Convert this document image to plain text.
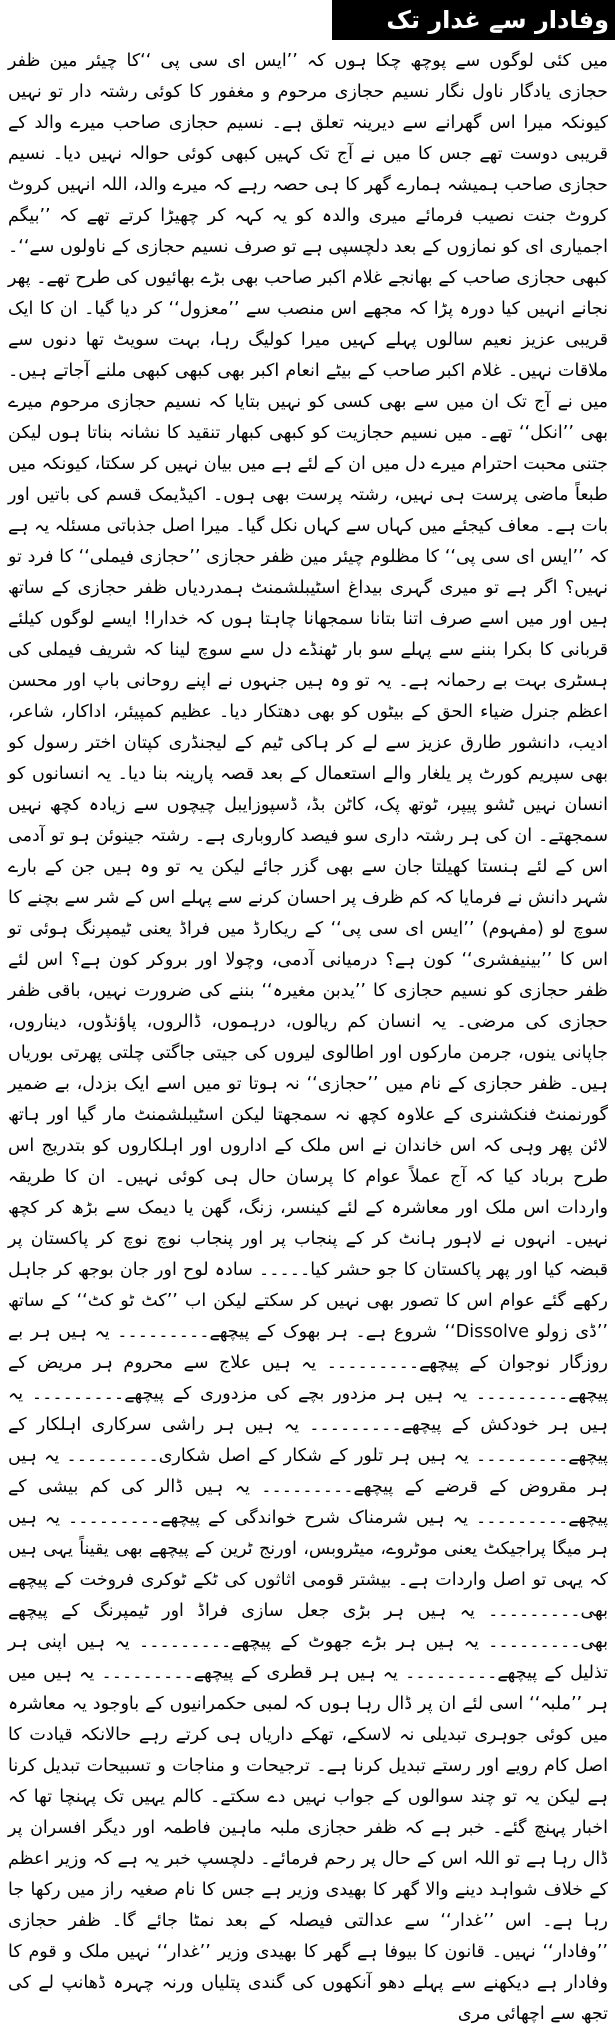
وفادار سے غدار تک

میں کئی لوگوں سے پوچھ چکا ہوں کہ ’’ایس ای سی پی ‘‘کا چیئر مین ظفر حجازی یادگار ناول نگار نسیم حجازی مرحوم و مغفور کا کوئی رشتہ دار تو نہیں کیونکہ میرا اس گھرانے سے دیرینہ تعلق ہے۔ نسیم حجازی صاحب میرے والد کے قریبی دوست تھے جس کا میں نے آج تک کہیں کبھی کوئی حوالہ نہیں دیا۔ نسیم حجازی صاحب ہمیشہ ہمارے گھر کا ہی حصہ رہے کہ میرے والد، اللہ انہیں کروٹ کروٹ جنت نصیب فرمائے میری والدہ کو یہ کہہ کر چھیڑا کرتے تھے کہ ’’بیگم اجمیاری ای کو نمازوں کے بعد دلچسپی ہے تو صرف نسیم حجازی کے ناولوں سے‘‘۔ کبھی حجازی صاحب کے بھانجے غلام اکبر صاحب بھی بڑے بھائیوں کی طرح تھے۔ پھر نجانے انہیں کیا دورہ پڑا کہ مجھے اس منصب سے ’’معزول‘‘ کر دیا گیا۔ ان کا ایک قریبی عزیز نعیم سالوں پہلے کہیں میرا کولیگ رہا، بہت سویٹ تھا دنوں سے ملاقات نہیں۔ غلام اکبر صاحب کے بیٹے انعام اکبر بھی کبھی کبھی ملنے آجاتے ہیں۔ میں نے آج تک ان میں سے بھی کسی کو نہیں بتایا کہ نسیم حجازی مرحوم میرے بھی ’’انکل‘‘ تھے۔ میں نسیم حجازیت کو کبھی کبھار تنقید کا نشانہ بناتا ہوں لیکن جتنی محبت احترام میرے دل میں ان کے لئے ہے میں بیان نہیں کر سکتا، کیونکہ میں طبعاً ماضی پرست ہی نہیں، رشتہ پرست بھی ہوں۔ اکیڈیمک قسم کی باتیں اور بات ہے۔ معاف کیجئے میں کہاں سے کہاں نکل گیا۔ میرا اصل جذباتی مسئلہ یہ ہے کہ ’’ایس ای سی پی‘‘ کا مظلوم چیئر مین ظفر حجازی ’’حجازی فیملی‘‘ کا فرد تو نہیں؟ اگر ہے تو میری گہری بیداغ اسٹیبلشمنٹ ہمدردیاں ظفر حجازی کے ساتھ ہیں اور میں اسے صرف اتنا بتانا سمجھانا چاہتا ہوں کہ خدارا! ایسے لوگوں کیلئے قربانی کا بکرا بننے سے پہلے سو بار ٹھنڈے دل سے سوچ لینا کہ شریف فیملی کی ہسٹری بہت بے رحمانہ ہے۔ یہ تو وہ ہیں جنہوں نے اپنے روحانی باپ اور محسن اعظم جنرل ضیاء الحق کے بیٹوں کو بھی دھتکار دیا۔ عظیم کمپیئر، اداکار، شاعر، ادیب، دانشور طارق عزیز سے لے کر ہاکی ٹیم کے لیجنڈری کپتان اختر رسول کو بھی سپریم کورٹ پر یلغار والے استعمال کے بعد قصہ پارینہ بنا دیا۔ یہ انسانوں کو انسان نہیں ٹشو پیپر، ٹوتھ پک، کاٹن بڈ، ڈسپوزایبل چیچوں سے زیادہ کچھ نہیں سمجھتے۔ ان کی ہر رشتہ داری سو فیصد کاروباری ہے۔ رشتہ جینوئن ہو تو آدمی اس کے لئے ہنستا کھیلتا جان سے بھی گزر جائے لیکن یہ تو وہ ہیں جن کے بارے شہر دانش نے فرمایا کہ کم ظرف پر احسان کرنے سے پہلے اس کے شر سے بچنے کا سوچ لو (مفہوم) ’’ایس ای سی پی‘‘ کے ریکارڈ میں فراڈ یعنی ٹیمپرنگ ہوئی تو اس کا ’’بینیفشری‘‘ کون ہے؟ درمیانی آدمی، وچولا اور بروکر کون ہے؟ اس لئے ظفر حجازی کو نسیم حجازی کا ’’یدبن مغیرہ‘‘ بننے کی ضرورت نہیں، باقی ظفر حجازی کی مرضی۔ یہ انسان کم ریالوں، درہموں، ڈالروں، پاؤنڈوں، دیناروں، جاپانی ینوں، جرمن مارکوں اور اطالوی لیروں کی جیتی جاگتی چلتی پھرتی بوریاں ہیں۔ ظفر حجازی کے نام میں ’’حجازی‘‘ نہ ہوتا تو میں اسے ایک بزدل، بے ضمیر گورنمنٹ فنکشنری کے علاوہ کچھ نہ سمجھتا لیکن اسٹیبلشمنٹ مار گیا اور ہاتھ لائن پھر وہی کہ اس خاندان نے اس ملک کے اداروں اور اہلکاروں کو بتدریج اس طرح برباد کیا کہ آج عملاً عوام کا پرسان حال ہی کوئی نہیں۔ ان کا طریقہ واردات اس ملک اور معاشرہ کے لئے کینسر، زنگ، گھن یا دیمک سے بڑھ کر کچھ نہیں۔ انہوں نے لاہور ہانٹ کر کے پنجاب پر اور پنجاب نوچ نوچ کر پاکستان پر قبضہ کیا اور پھر پاکستان کا جو حشر کیا۔۔۔۔۔ سادہ لوح اور جان بوجھ کر جاہل رکھے گئے عوام اس کا تصور بھی نہیں کر سکتے لیکن اب ’’کٹ ٹو کٹ‘‘ کے ساتھ ’’ڈی زولو Dissolve‘‘ شروع ہے۔ ہر بھوک کے پیچھے۔۔۔۔۔۔۔۔۔ یہ ہیں ہر بے روزگار نوجوان کے پیچھے۔۔۔۔۔۔۔۔۔ یہ ہیں علاج سے محروم ہر مریض کے پیچھے۔۔۔۔۔۔۔۔۔ یہ ہیں ہر مزدور بچے کی مزدوری کے پیچھے۔۔۔۔۔۔۔۔۔ یہ ہیں ہر خودکش کے پیچھے۔۔۔۔۔۔۔۔۔ یہ ہیں ہر راشی سرکاری اہلکار کے پیچھے۔۔۔۔۔۔۔۔۔ یہ ہیں ہر تلور کے شکار کے اصل شکاری۔۔۔۔۔۔۔۔۔ یہ ہیں ہر مقروض کے قرضے کے پیچھے۔۔۔۔۔۔۔۔۔ یہ ہیں ڈالر کی کم بیشی کے پیچھے۔۔۔۔۔۔۔۔۔ یہ ہیں شرمناک شرح خواندگی کے پیچھے۔۔۔۔۔۔۔۔۔ یہ ہیں ہر میگا پراجیکٹ یعنی موٹروے، میٹروبس، اورنج ٹرین کے پیچھے بھی یقیناً یہی ہیں کہ یہی تو اصل واردات ہے۔ بیشتر قومی اثاثوں کی ٹکے ٹوکری فروخت کے پیچھے بھی۔۔۔۔۔۔۔۔۔ یہ ہیں ہر بڑی جعل سازی فراڈ اور ٹیمپرنگ کے پیچھے بھی۔۔۔۔۔۔۔۔۔ یہ ہیں ہر بڑے جھوٹ کے پیچھے۔۔۔۔۔۔۔۔۔ یہ ہیں اپنی ہر تذلیل کے پیچھے۔۔۔۔۔۔۔۔۔ یہ ہیں ہر قطری کے پیچھے۔۔۔۔۔۔۔۔۔ یہ ہیں میں ہر ’’ملبہ‘‘ اسی لئے ان پر ڈال رہا ہوں کہ لمبی حکمرانیوں کے باوجود یہ معاشرہ میں کوئی جوہری تبدیلی نہ لاسکے، تھکے داریاں ہی کرتے رہے حالانکہ قیادت کا اصل کام رویے اور رستے تبدیل کرنا ہے۔ ترجیحات و مناجات و تسبیحات تبدیل کرنا ہے لیکن یہ تو چند سوالوں کے جواب نہیں دے سکتے۔ کالم یہیں تک پہنچا تھا کہ اخبار پہنچ گئے۔ خبر ہے کہ ظفر حجازی ملبہ ماہین فاطمہ اور دیگر افسران پر ڈال رہا ہے تو اللہ اس کے حال پر رحم فرمائے۔ دلچسپ خبر یہ ہے کہ وزیر اعظم کے خلاف شواہد دینے والا گھر کا بھیدی وزیر ہے جس کا نام صغیہ راز میں رکھا جا رہا ہے۔ اس ’’غدار‘‘ سے عدالتی فیصلہ کے بعد نمٹا جائے گا۔ ظفر حجازی ’’وفادار‘‘ نہیں۔ قانون کا بیوفا ہے گھر کا بھیدی وزیر ’’غدار‘‘ نہیں ملک و قوم کا وفادار ہے دیکھنے سے پہلے دھو آنکھوں کی گندی پتلیاں ورنہ چہرہ ڈھانپ لے کی تجھ سے اچھائی مری
